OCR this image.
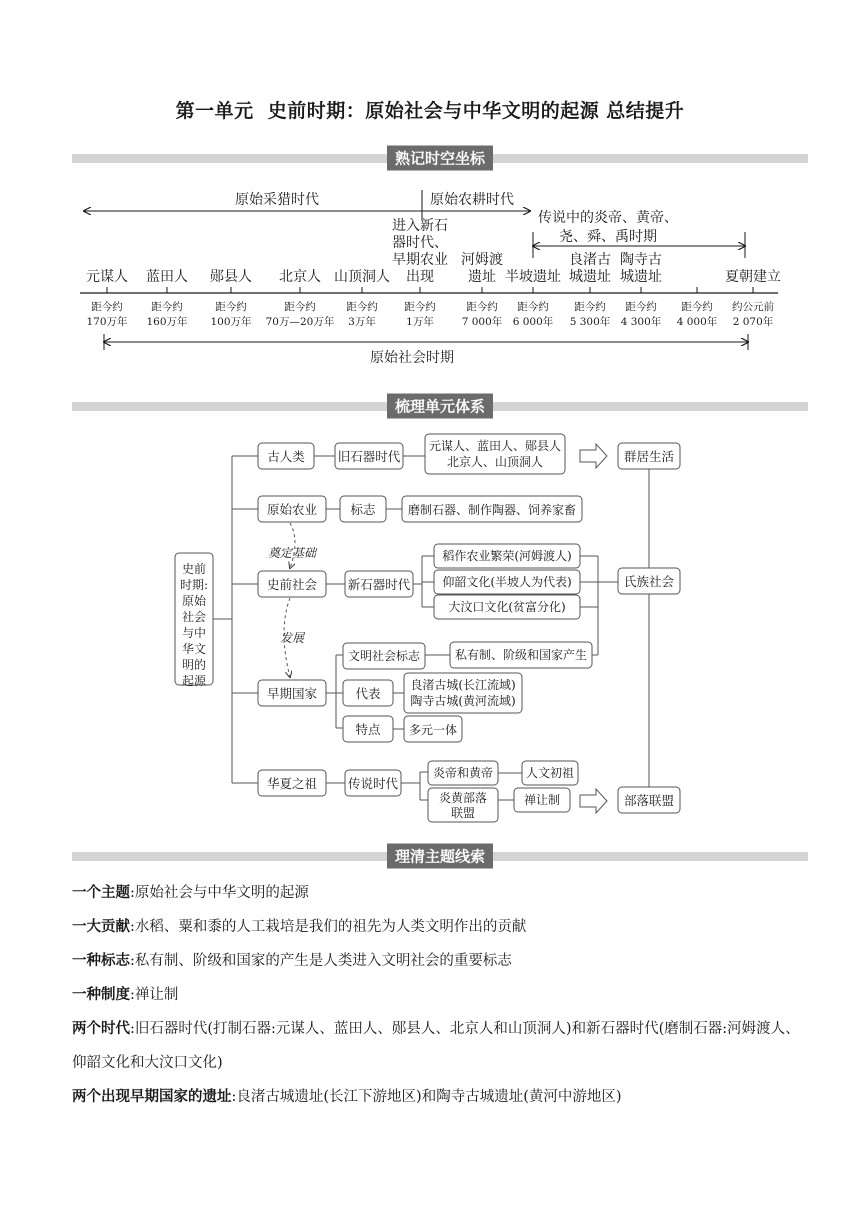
第一单元 史前时期：原始社会与中华文明的起源 总结提升
熟记时空坐标
梳理单元体系
理清主题线索
原始采猎时代	原始农耕时代
传说中的炎帝、黄帝、
尧、舜、禹时期
元谋人
距今约
170万年
蓝田人
距今约
160万年
郧县人
距今约
100万年
北京人
距今约
70万—20万年
山顶洞人
距今约
3万年
进入新石
器时代、
早期农业
出现
距今约
1万年
河姆渡
遗址
距今约
7 000年
半坡遗址
距今约
6 000年
良渚古
城遗址
距今约
5 300年
陶寺古
城遗址
距今约
4 300年
距今约
4 000年
夏朝建立
约公元前
2 070年
原始社会时期
史前
时期:
原始
社会
与中
华文
明的
起源
古人类	旧石器时代
元谋人、蓝田人、郧县人
北京人、山顶洞人	群居生活
原始农业	标志	磨制石器、制作陶器、饲养家畜
奠定基础
史前社会 新石器时代
稻作农业繁荣(河姆渡人)
仰韶文化(半坡人为代表)
大汶口文化(贫富分化)
氏族社会
发展
早期国家
文明社会标志	私有制、阶级和国家产生
代表
良渚古城(长江流域)
陶寺古城(黄河流域)
特点 多元一体
华夏之祖 传说时代
炎帝和黄帝	人文初祖
炎黄部落
联盟
禅让制	部落联盟

一个主题:原始社会与中华文明的起源

一大贡献:水稻、粟和黍的人工栽培是我们的祖先为人类文明作出的贡献

一种标志:私有制、阶级和国家的产生是人类进入文明社会的重要标志

一种制度:禅让制

两个时代:旧石器时代(打制石器:元谋人、蓝田人、郧县人、北京人和山顶洞人)和新石器时代(磨制石器:河姆渡人、仰韶文化和大汶口文化)

两个出现早期国家的遗址:良渚古城遗址(长江下游地区)和陶寺古城遗址(黄河中游地区)
